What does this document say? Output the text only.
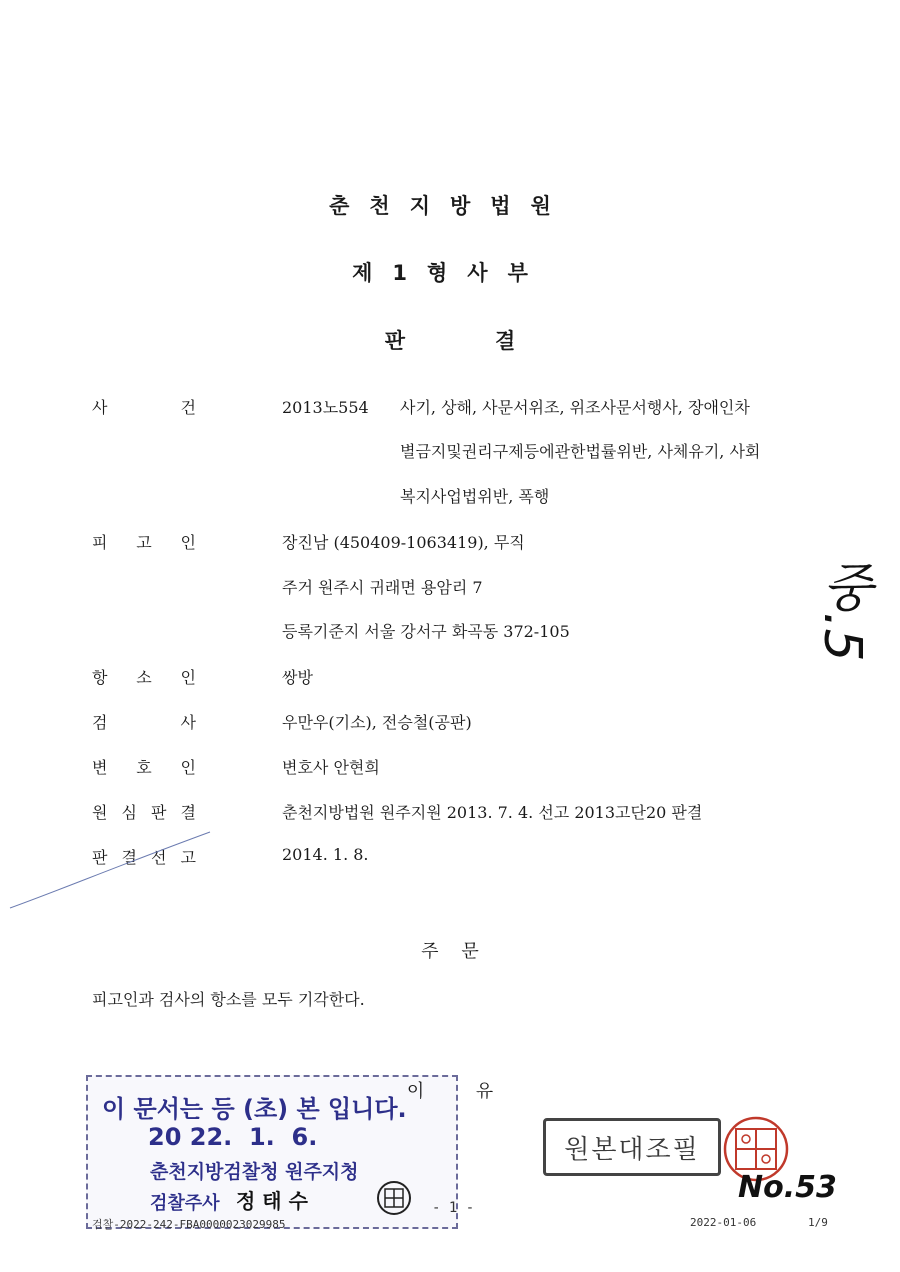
춘천지방법원
제1형사부
판결
사	건	2013노554 사기, 상해, 사문서위조, 위조사문서행사, 장애인차
별금지및권리구제등에관한법률위반, 사체유기, 사회
복지사업법위반, 폭행
피 고 인	장진남 (450409-1063419), 무직
주거 원주시 귀래면 용암리 7
등록기준지 서울 강서구 화곡동 372-105
항 소 인	쌍방
검	사	우만우(기소), 전승철(공판)
변 호 인	변호사 안현희
원 심 판 결	춘천지방법원 원주지원 2013. 7. 4. 선고 2013고단20 판결
판 결 선 고	2014. 1. 8.
주    문
피고인과 검사의 항소를 모두 기각한다.
이         유
이 문서는 등 (초) 본 입니다.
20 22.  1.  6.
춘천지방검찰청 원주지청
검찰주사 정 태 수
원본대조필
중.5
No.53
검찰-2022-242-FBA0000023029985
- 1 -
2022-01-06	1/9
